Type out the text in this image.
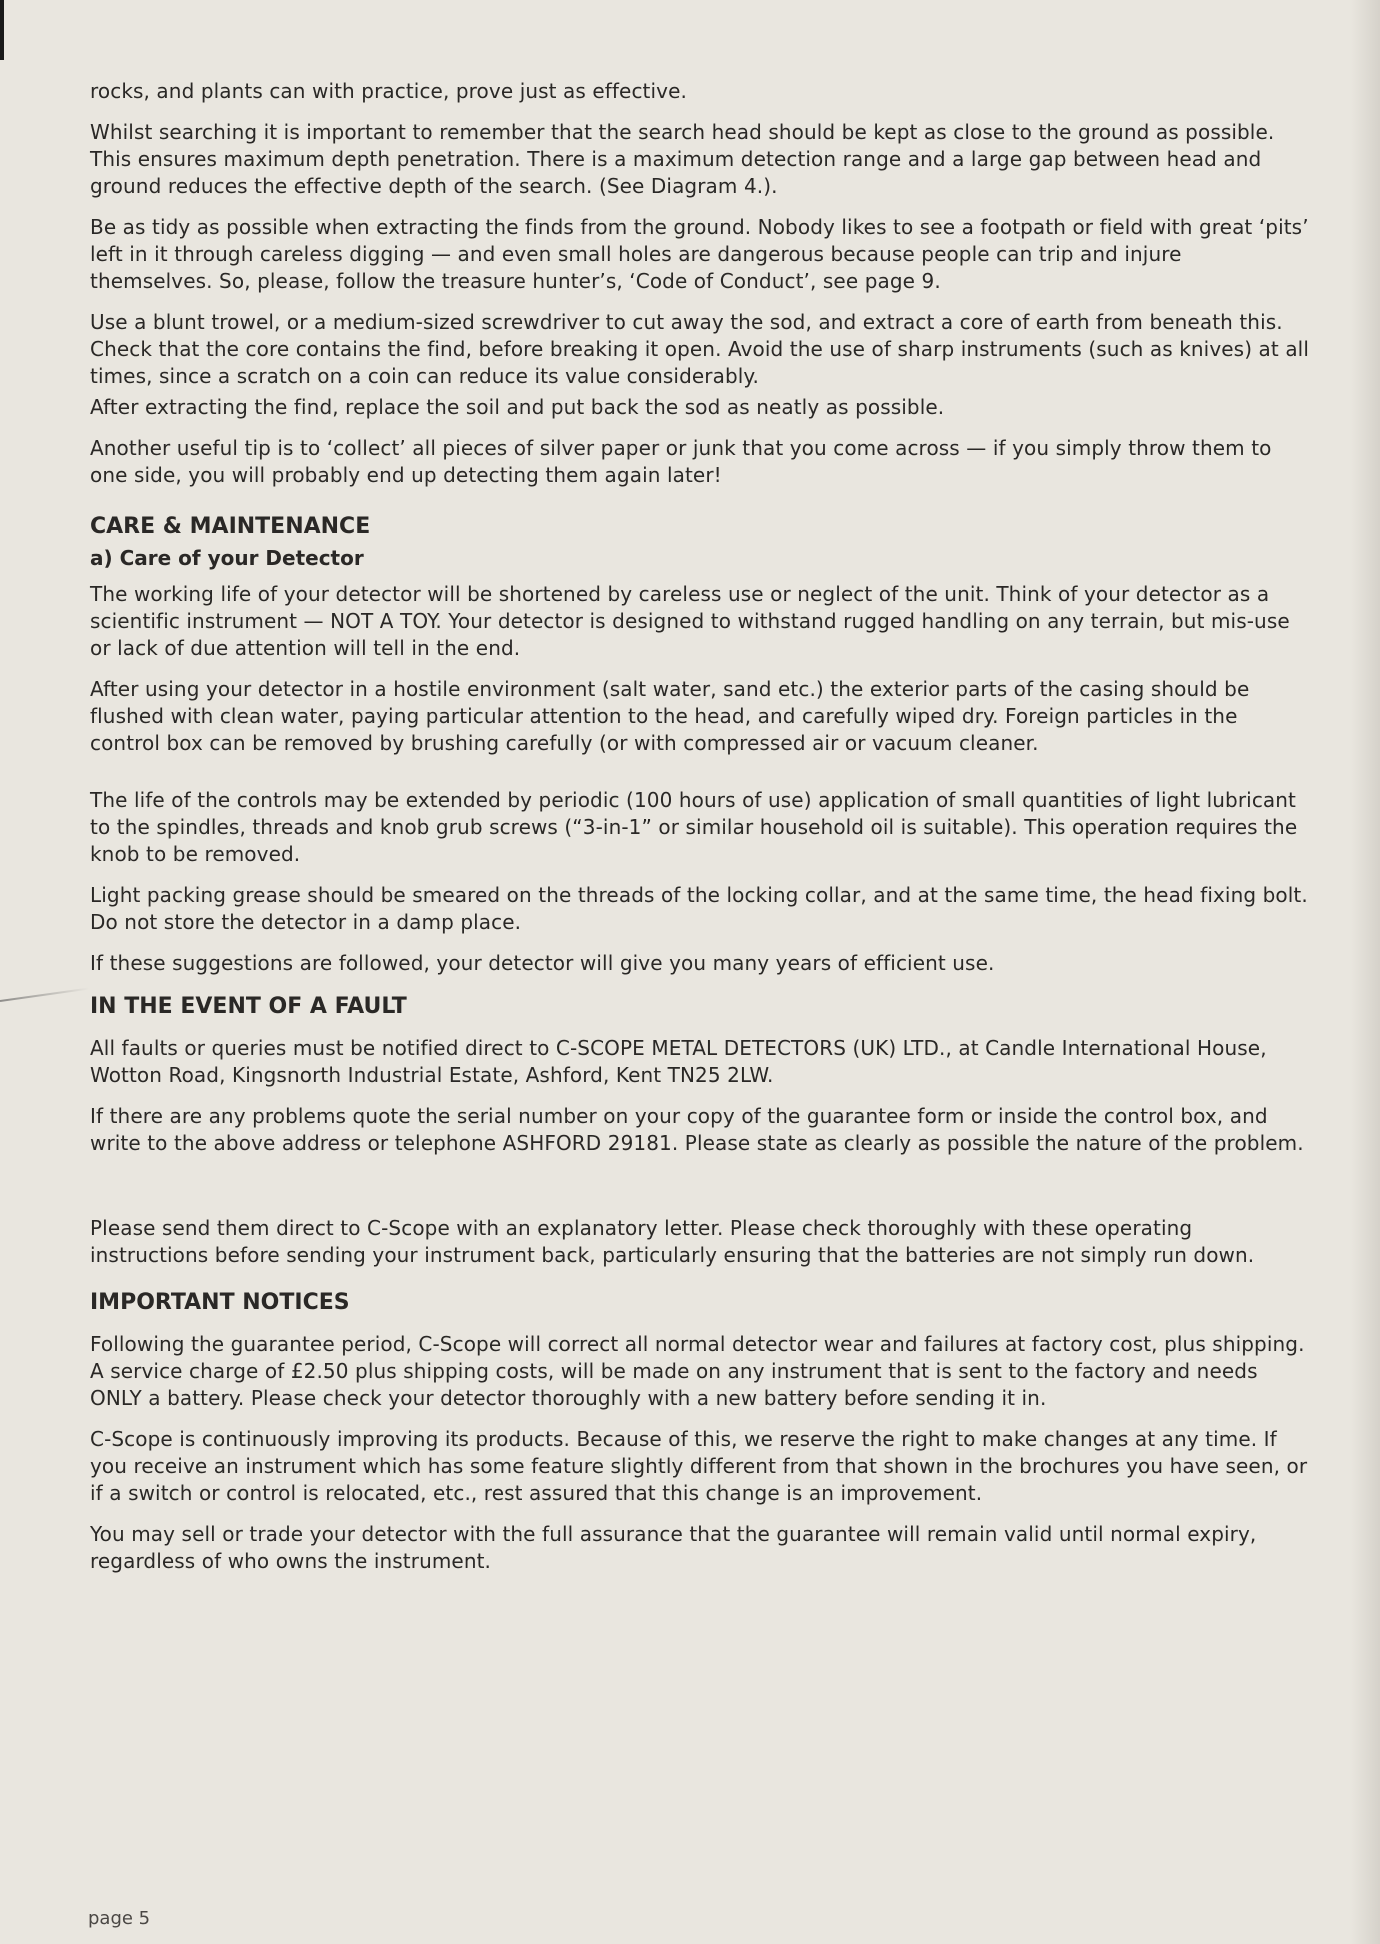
rocks, and plants can with practice, prove just as effective.

Whilst searching it is important to remember that the search head should be kept as close to the ground as possible. This ensures maximum depth penetration. There is a maximum detection range and a large gap between head and ground reduces the effective depth of the search. (See Diagram 4.).

Be as tidy as possible when extracting the finds from the ground. Nobody likes to see a footpath or field with great ‘pits’ left in it through careless digging — and even small holes are dangerous because people can trip and injure themselves. So, please, follow the treasure hunter’s, ‘Code of Conduct’, see page 9.

Use a blunt trowel, or a medium-sized screwdriver to cut away the sod, and extract a core of earth from beneath this. Check that the core contains the find, before breaking it open. Avoid the use of sharp instruments (such as knives) at all times, since a scratch on a coin can reduce its value considerably.

After extracting the find, replace the soil and put back the sod as neatly as possible.

Another useful tip is to ‘collect’ all pieces of silver paper or junk that you come across — if you simply throw them to one side, you will probably end up detecting them again later!

CARE & MAINTENANCE
a) Care of your Detector

The working life of your detector will be shortened by careless use or neglect of the unit. Think of your detector as a scientific instrument — NOT A TOY. Your detector is designed to withstand rugged handling on any terrain, but mis-use or lack of due attention will tell in the end.

After using your detector in a hostile environment (salt water, sand etc.) the exterior parts of the casing should be flushed with clean water, paying particular attention to the head, and carefully wiped dry. Foreign particles in the control box can be removed by brushing carefully (or with compressed air or vacuum cleaner.

The life of the controls may be extended by periodic (100 hours of use) application of small quantities of light lubricant to the spindles, threads and knob grub screws (“3-in-1” or similar household oil is suitable). This operation requires the knob to be removed.

Light packing grease should be smeared on the threads of the locking collar, and at the same time, the head fixing bolt. Do not store the detector in a damp place.

If these suggestions are followed, your detector will give you many years of efficient use.

IN THE EVENT OF A FAULT

All faults or queries must be notified direct to C-SCOPE METAL DETECTORS (UK) LTD., at Candle International House, Wotton Road, Kingsnorth Industrial Estate, Ashford, Kent TN25 2LW.

If there are any problems quote the serial number on your copy of the guarantee form or inside the control box, and write to the above address or telephone ASHFORD 29181. Please state as clearly as possible the nature of the problem.

Please send them direct to C-Scope with an explanatory letter. Please check thoroughly with these operating instructions before sending your instrument back, particularly ensuring that the batteries are not simply run down.

IMPORTANT NOTICES

Following the guarantee period, C-Scope will correct all normal detector wear and failures at factory cost, plus shipping. A service charge of £2.50 plus shipping costs, will be made on any instrument that is sent to the factory and needs ONLY a battery. Please check your detector thoroughly with a new battery before sending it in.

C-Scope is continuously improving its products. Because of this, we reserve the right to make changes at any time. If you receive an instrument which has some feature slightly different from that shown in the brochures you have seen, or if a switch or control is relocated, etc., rest assured that this change is an improvement.

You may sell or trade your detector with the full assurance that the guarantee will remain valid until normal expiry, regardless of who owns the instrument.

page 5
